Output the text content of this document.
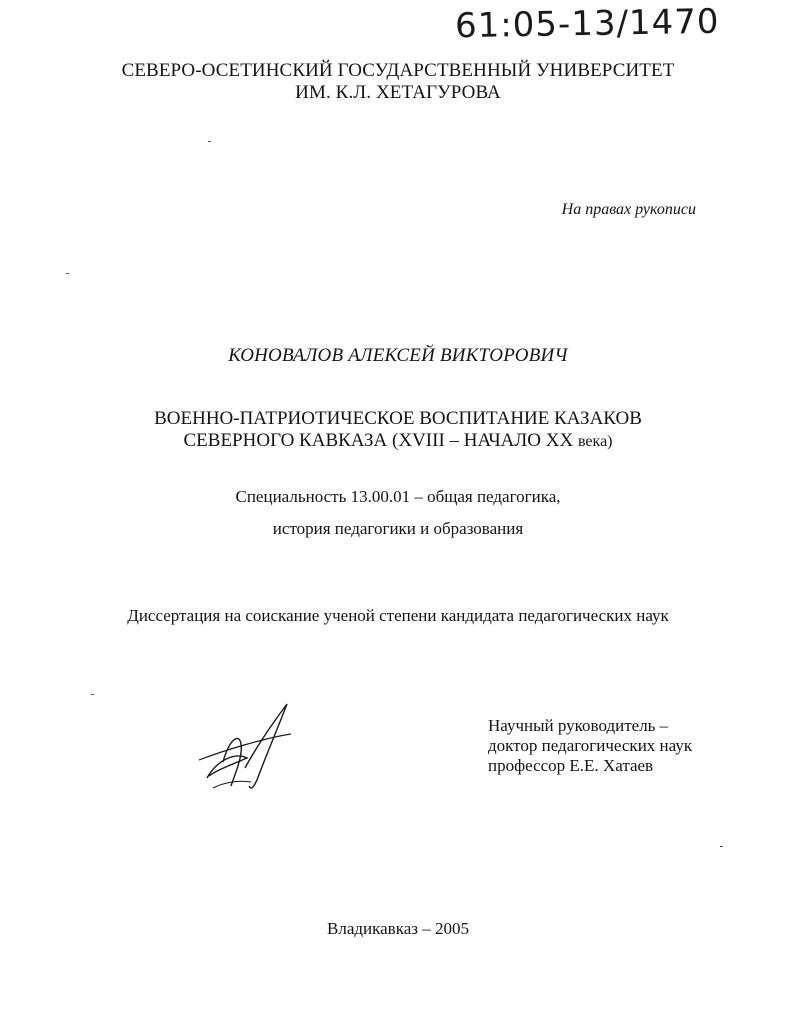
61:05-13/1470
СЕВЕРО-ОСЕТИНСКИЙ ГОСУДАРСТВЕННЫЙ УНИВЕРСИТЕТ
ИМ. К.Л. ХЕТАГУРОВА
На правах рукописи
КОНОВАЛОВ АЛЕКСЕЙ ВИКТОРОВИЧ
ВОЕННО-ПАТРИОТИЧЕСКОЕ ВОСПИТАНИЕ КАЗАКОВ
СЕВЕРНОГО КАВКАЗА (XVIII – НАЧАЛО XX века)
Специальность 13.00.01 – общая педагогика,
история педагогики и образования
Диссертация на соискание ученой степени кандидата педагогических наук
Научный руководитель –
доктор педагогических наук
профессор Е.Е. Хатаев
Владикавказ – 2005
